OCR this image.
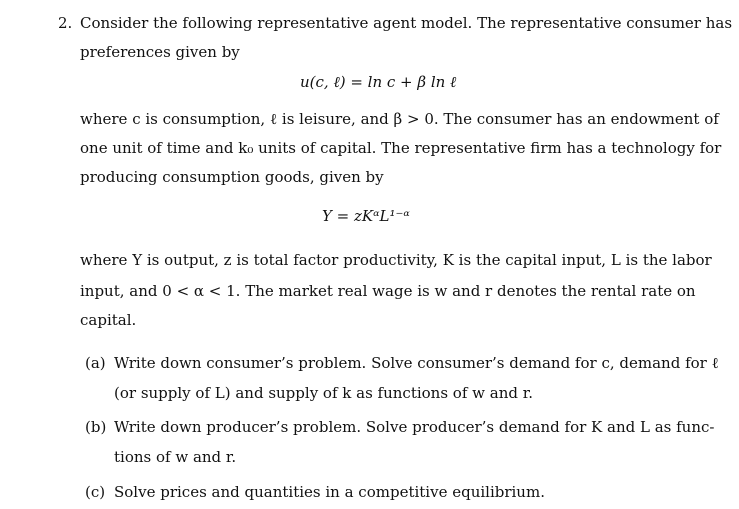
2. Consider the following representative agent model. The representative consumer has
preferences given by
u(c, ℓ) = ln c + β ln ℓ
where c is consumption, ℓ is leisure, and β > 0. The consumer has an endowment of
one unit of time and k₀ units of capital. The representative firm has a technology for
producing consumption goods, given by
Y = zKᵅL¹⁻ᵅ
where Y is output, z is total factor productivity, K is the capital input, L is the labor
input, and 0 < α < 1. The market real wage is w and r denotes the rental rate on
capital.
(a) Write down consumer’s problem. Solve consumer’s demand for c, demand for ℓ
(or supply of L) and supply of k as functions of w and r.
(b) Write down producer’s problem. Solve producer’s demand for K and L as func-
tions of w and r.
(c) Solve prices and quantities in a competitive equilibrium.
